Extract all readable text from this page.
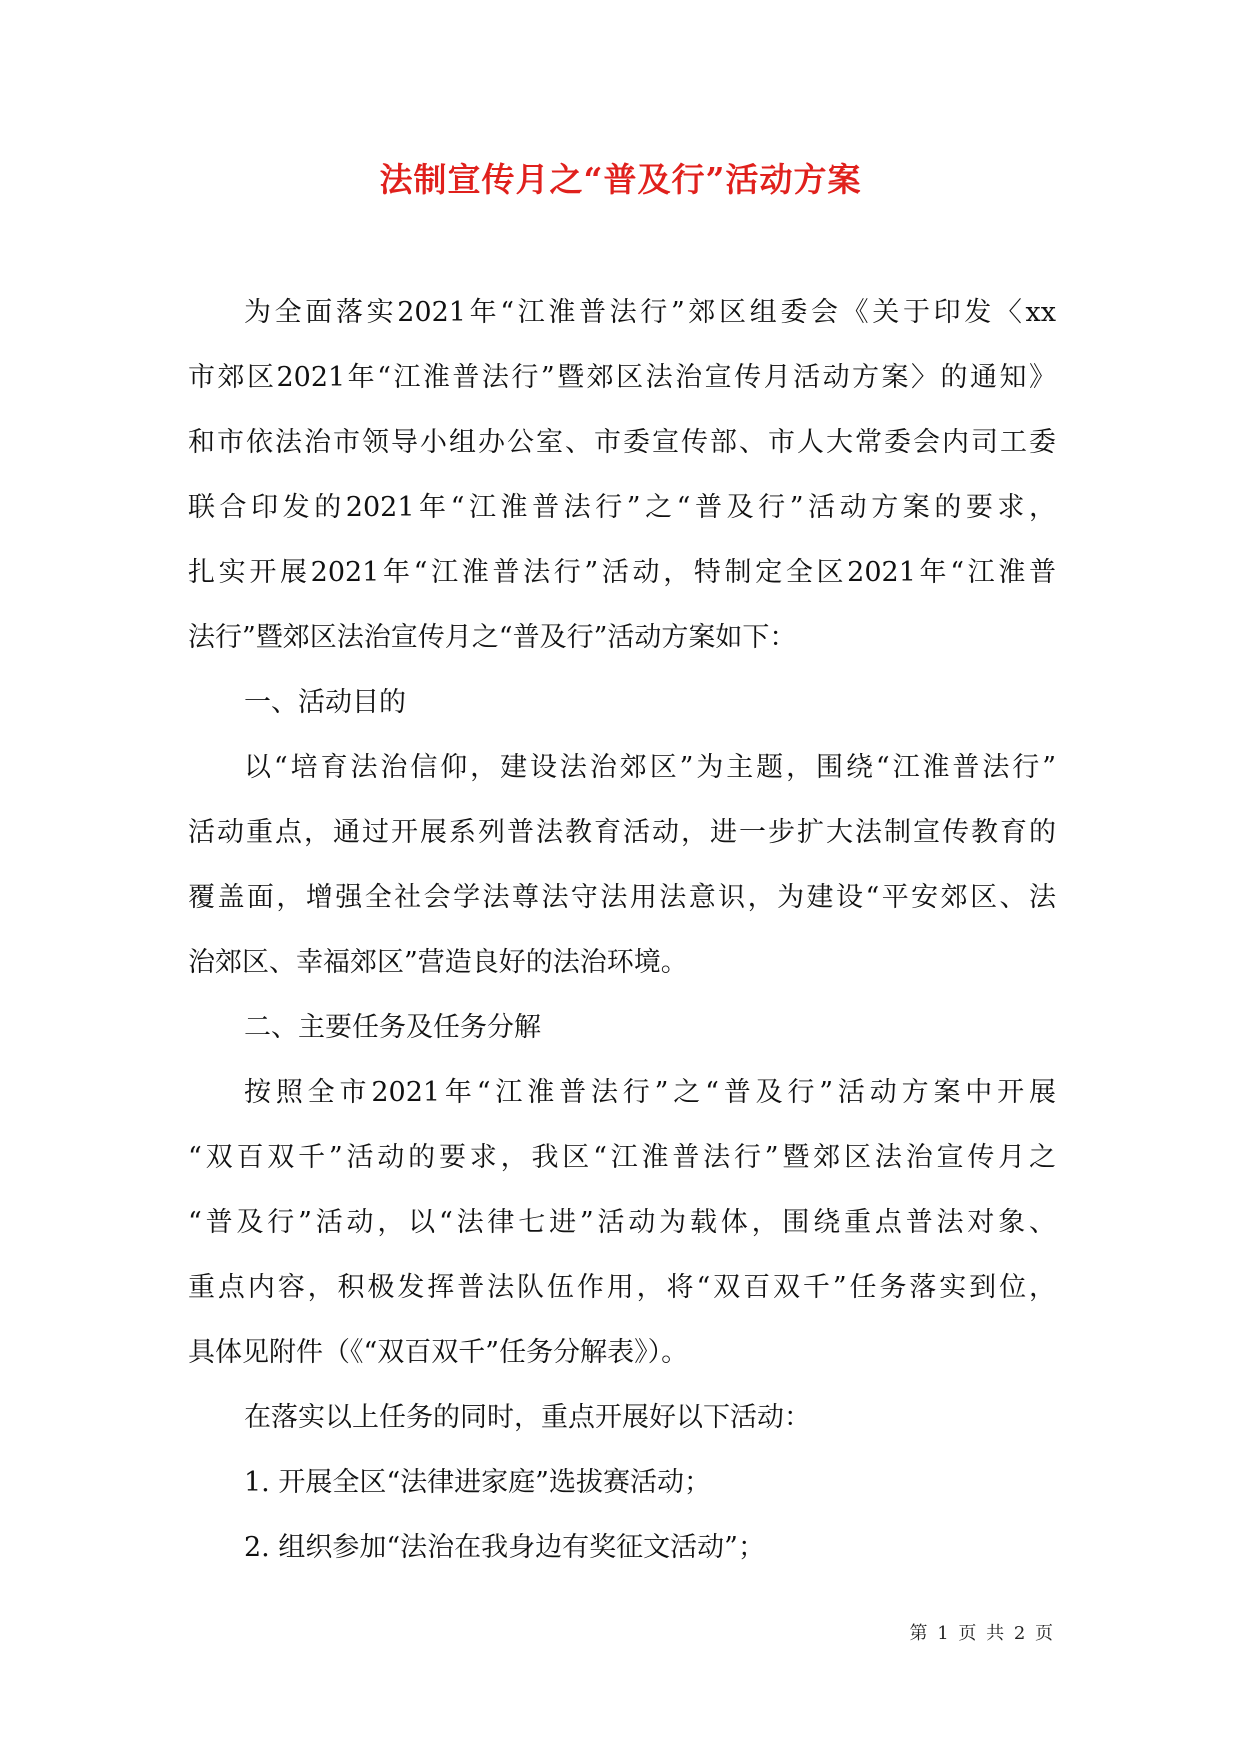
法制宣传月之“普及行”活动方案
为全面落实2021年“江淮普法行”郊区组委会《关于印发〈xx
市郊区2021年“江淮普法行”暨郊区法治宣传月活动方案〉的通知》
和市依法治市领导小组办公室、市委宣传部、市人大常委会内司工委
联合印发的2021年“江淮普法行”之“普及行”活动方案的要求，
扎实开展2021年“江淮普法行”活动，特制定全区2021年“江淮普
法行”暨郊区法治宣传月之“普及行”活动方案如下：
一、活动目的
以“培育法治信仰，建设法治郊区”为主题，围绕“江淮普法行”
活动重点，通过开展系列普法教育活动，进一步扩大法制宣传教育的
覆盖面，增强全社会学法尊法守法用法意识，为建设“平安郊区、法
治郊区、幸福郊区”营造良好的法治环境。
二、主要任务及任务分解
按照全市2021年“江淮普法行”之“普及行”活动方案中开展
“双百双千”活动的要求，我区“江淮普法行”暨郊区法治宣传月之
“普及行”活动，以“法律七进”活动为载体，围绕重点普法对象、
重点内容，积极发挥普法队伍作用，将“双百双千”任务落实到位，
具体见附件（《“双百双千”任务分解表》）。
在落实以上任务的同时，重点开展好以下活动：
1. 开展全区“法律进家庭”选拔赛活动；
2. 组织参加“法治在我身边有奖征文活动”；
第 1 页 共 2 页
